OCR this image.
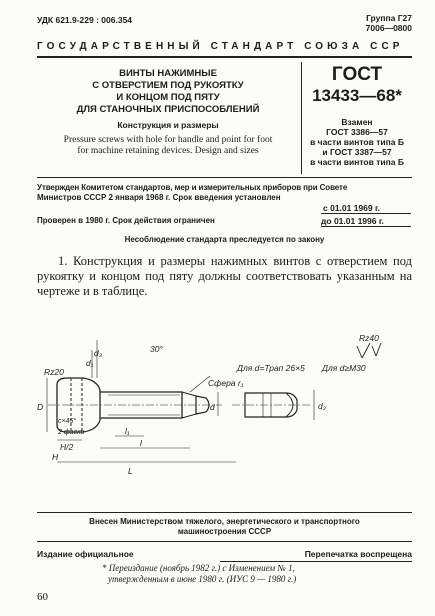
УДК 621.9-229 : 006.354	Группа Г27
7006—0800
ГОСУДАРСТВЕННЫЙ СТАНДАРТ СОЮЗА ССР
ВИНТЫ НАЖИМНЫЕ
С ОТВЕРСТИЕМ ПОД РУКОЯТКУ
И КОНЦОМ ПОД ПЯТУ
ДЛЯ СТАНОЧНЫХ ПРИСПОСОБЛЕНИЙ
Конструкция и размеры
Pressure screws with hole for handle and point for foot
for machine retaining devices. Design and sizes
ГОСТ
13433—68*
Взамен
ГОСТ 3386—57
в части винтов типа Б
и ГОСТ 3387—57
в части винтов типа Б
Утвержден Комитетом стандартов, мер и измерительных приборов при Совете
Министров СССР 2 января 1968 г. Срок введения установлен
с 01.01 1969 г.
Проверен в 1980 г. Срок действия ограничен	до 01.01 1996 г.
Несоблюдение стандарта преследуется по закону
1. Конструкция и размеры нажимных винтов с отверстием под рукоятку и концом под пяту должны соответствовать указанным на чертеже и в таблице.
Rz40
Rz20	Для d=Трап 26×5 Для d≥M30
Сфера r₁
30°
c×45°
2 фаски
D	d	d₂
d₁
d₃
H/2
H
l
L
l₁
Внесен Министерством тяжелого, энергетического и транспортного
машиностроения СССР
Издание официальное	Перепечатка воспрещена
* Переиздание (ноябрь 1982 г.) с Изменением № 1,
утвержденным в июне 1980 г. (ИУС 9 — 1980 г.)
60
